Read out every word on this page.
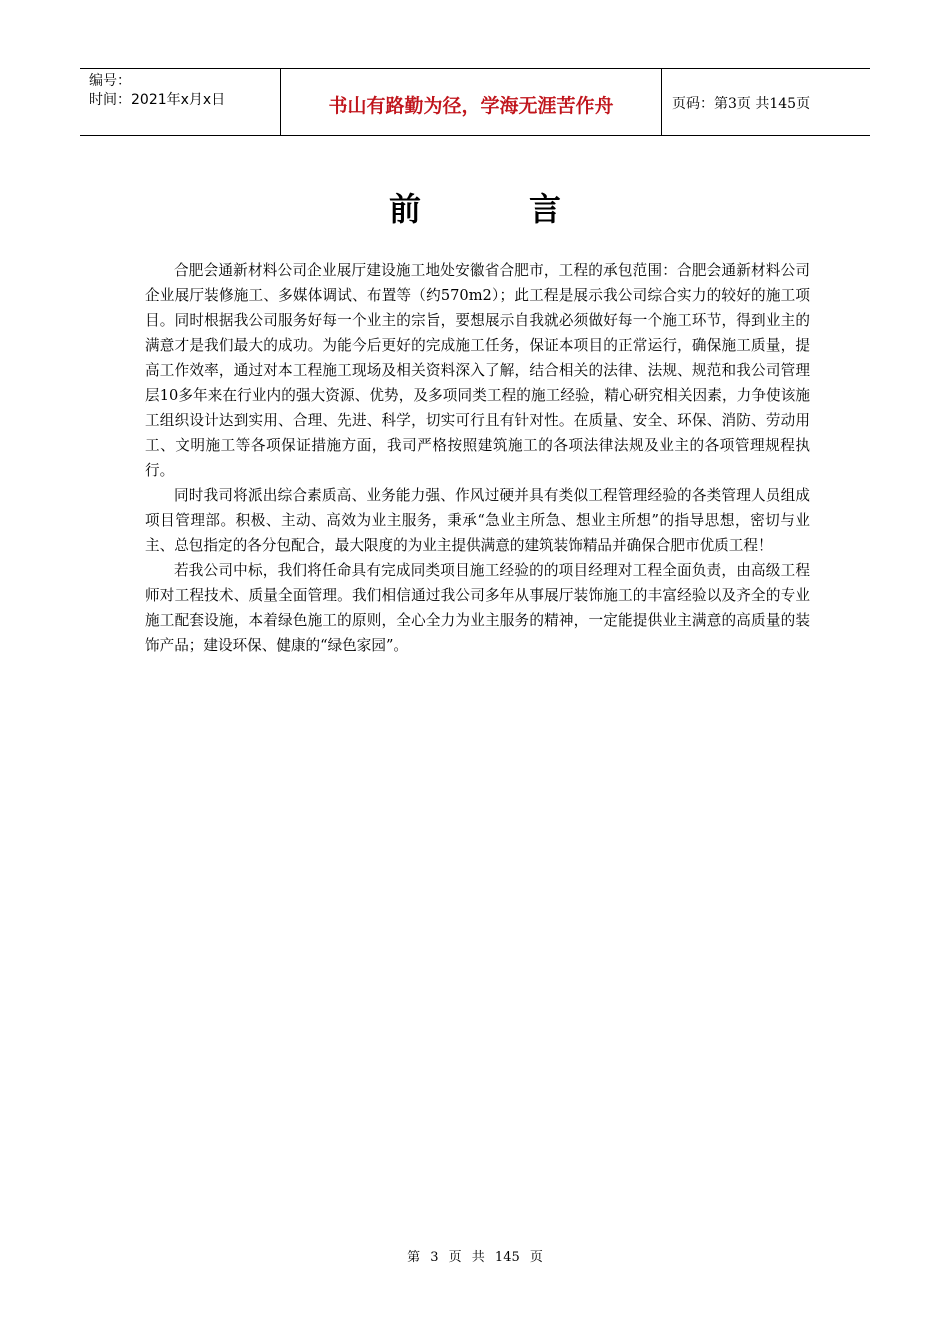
编号：
时间：2021年x月x日	书山有路勤为径，学海无涯苦作舟	页码：第3页 共145页
前言

合肥会通新材料公司企业展厅建设施工地处安徽省合肥市，工程的承包范围：合肥会通新材料公司企业展厅装修施工、多媒体调试、布置等（约570m2）；此工程是展示我公司综合实力的较好的施工项目。同时根据我公司服务好每一个业主的宗旨，要想展示自我就必须做好每一个施工环节，得到业主的满意才是我们最大的成功。为能今后更好的完成施工任务，保证本项目的正常运行，确保施工质量，提高工作效率，通过对本工程施工现场及相关资料深入了解，结合相关的法律、法规、规范和我公司管理层10多年来在行业内的强大资源、优势，及多项同类工程的施工经验，精心研究相关因素，力争使该施工组织设计达到实用、合理、先进、科学，切实可行且有针对性。在质量、安全、环保、消防、劳动用工、文明施工等各项保证措施方面，我司严格按照建筑施工的各项法律法规及业主的各项管理规程执行。

同时我司将派出综合素质高、业务能力强、作风过硬并具有类似工程管理经验的各类管理人员组成项目管理部。积极、主动、高效为业主服务，秉承“急业主所急、想业主所想”的指导思想，密切与业主、总包指定的各分包配合，最大限度的为业主提供满意的建筑装饰精品并确保合肥市优质工程！

若我公司中标，我们将任命具有完成同类项目施工经验的的项目经理对工程全面负责，由高级工程师对工程技术、质量全面管理。我们相信通过我公司多年从事展厅装饰施工的丰富经验以及齐全的专业施工配套设施，本着绿色施工的原则，全心全力为业主服务的精神，一定能提供业主满意的高质量的装饰产品；建设环保、健康的“绿色家园”。

第 3 页 共 145 页
